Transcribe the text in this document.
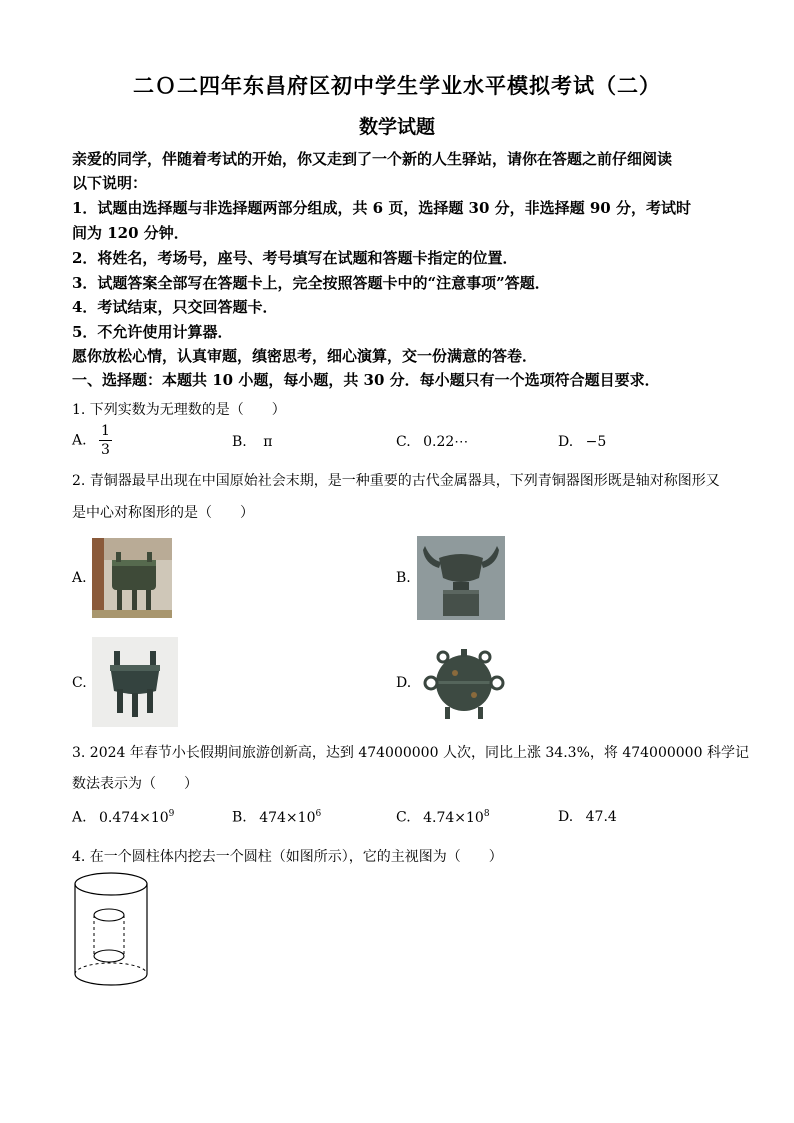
二Ｏ二四年东昌府区初中学生学业水平模拟考试（二）
数学试题
亲爱的同学，伴随着考试的开始，你又走到了一个新的人生驿站，请你在答题之前仔细阅读
以下说明：
1．试题由选择题与非选择题两部分组成，共 6 页，选择题 30 分，非选择题 90 分，考试时
间为 120 分钟．
2．将姓名，考场号，座号、考号填写在试题和答题卡指定的位置．
3．试题答案全部写在答题卡上，完全按照答题卡中的“注意事项”答题．
4．考试结束，只交回答题卡．
5．不允许使用计算器．
愿你放松心情，认真审题，缜密思考，细心演算，交一份满意的答卷．
一、选择题：本题共 10 小题，每小题，共 30 分．每小题只有一个选项符合题目要求．
1. 下列实数为无理数的是（　　）
A. $\frac{1}{3}$	B. π	C. 0.22⋯	D. −5
2. 青铜器最早出现在中国原始社会末期，是一种重要的古代金属器具，下列青铜器图形既是轴对称图形又
是中心对称图形的是（　　）
A.	B.
C.	D.
3. 2024 年春节小长假期间旅游创新高，达到 474000000 人次，同比上涨 34.3%，将 474000000 科学记
数法表示为（　　）
A. $0.474\times 10^9$	B. $474\times 10^6$	C. $4.74\times 10^8$	D. 47.4
4. 在一个圆柱体内挖去一个圆柱（如图所示），它的主视图为（　　）
